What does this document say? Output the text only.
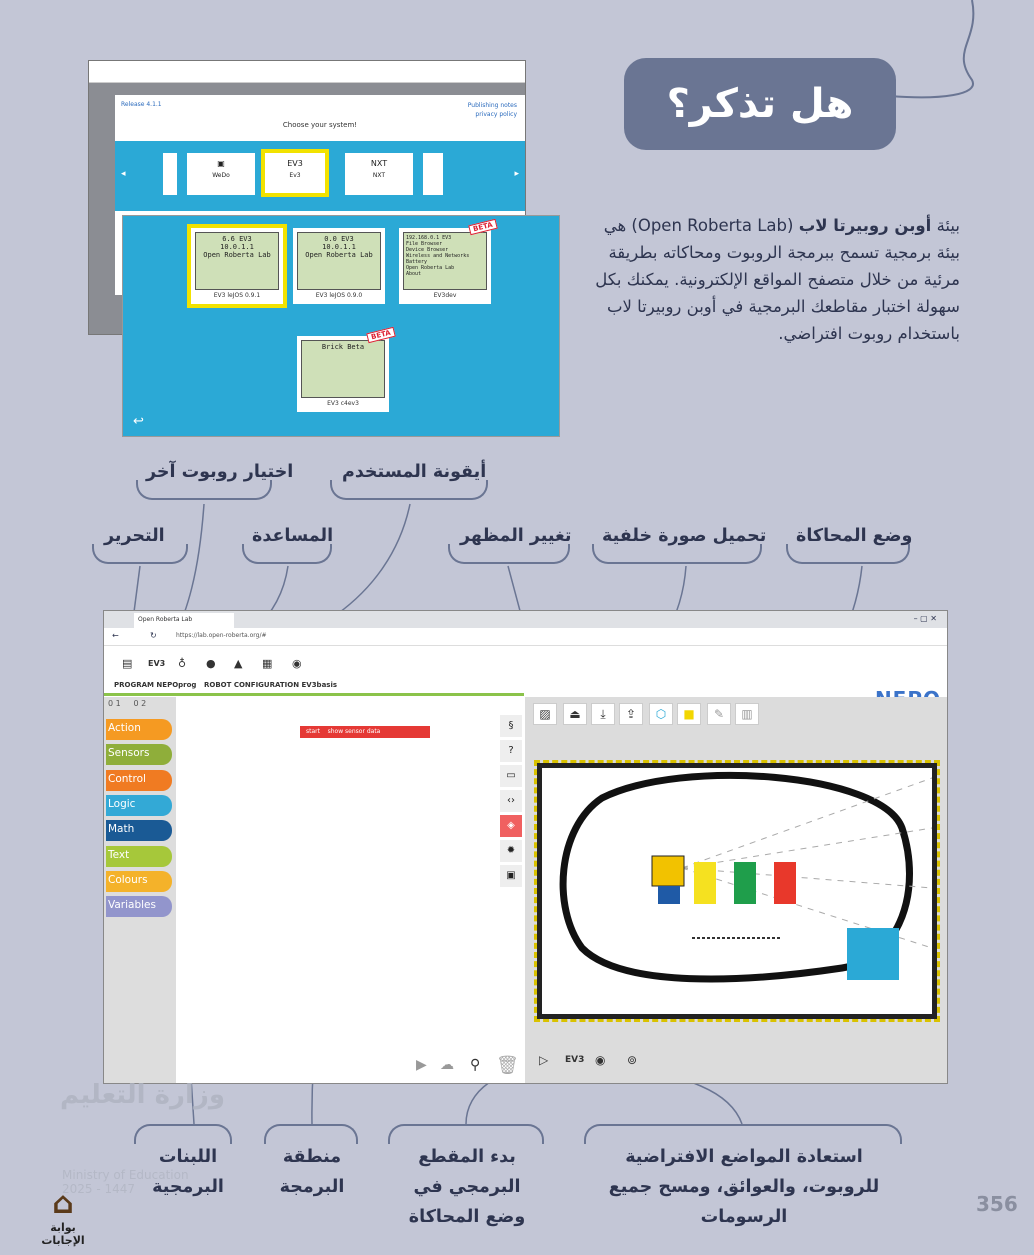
هل تذكر؟

بيئة أوبن روبيرتا لاب (Open Roberta Lab) هي بيئة برمجية تسمح ببرمجة الروبوت ومحاكاته بطريقة مرئية من خلال متصفح المواقع الإلكترونية. يمكنك بكل سهولة اختبار مقاطعك البرمجية في أوبن روبيرتا لاب باستخدام روبوت افتراضي.

Release 4.1.1	Publishing notes
privacy policy
Choose your system!
◂
▣
WeDo
EV3
Ev3
NXT
NXT	▸
6.6 EV3
10.0.1.1
Open Roberta Lab
EV3 leJOS 0.9.1
0.0 EV3
10.0.1.1
Open Roberta Lab
EV3 leJOS 0.9.0
192.168.0.1 EV3
File Browser
Device Browser
Wireless and Networks
Battery
Open Roberta Lab
About
EV3dev
BETA
Brick Beta
EV3 c4ev3
BETA
↩
اختيار روبوت آخر	أيقونة المستخدم
التحرير	المساعدة	تغيير المظهر تحميل صورة خلفية وضع المحاكاة
Open Roberta Lab	– ▢ ✕
←	↻	https://lab.open-roberta.org/#
▤ EV3 ♁ ● ▲ ▦ ◉
PROGRAM NEPOprog ROBOT CONFIGURATION EV3basis
0 1 0 2
Action
Sensors
Control
Logic
Math
Text
Colours
Variables
start show sensor data
§
?
▭
‹›
◈
✹
▣
▶ ☁ ⚲ 🗑
▨	⏏	⤓	⇪	⬡	■	✎	▥
▷ EV3 ◉ ⊚
اللبنات البرمجية
منطقة البرمجة
بدء المقطع البرمجي في وضع المحاكاة
استعادة المواضع الافتراضية للروبوت، والعوائق، ومسح جميع الرسومات
356
وزارة التعليم
Ministry of Education
2025 - 1447
⌂
بوابة الإجابات
